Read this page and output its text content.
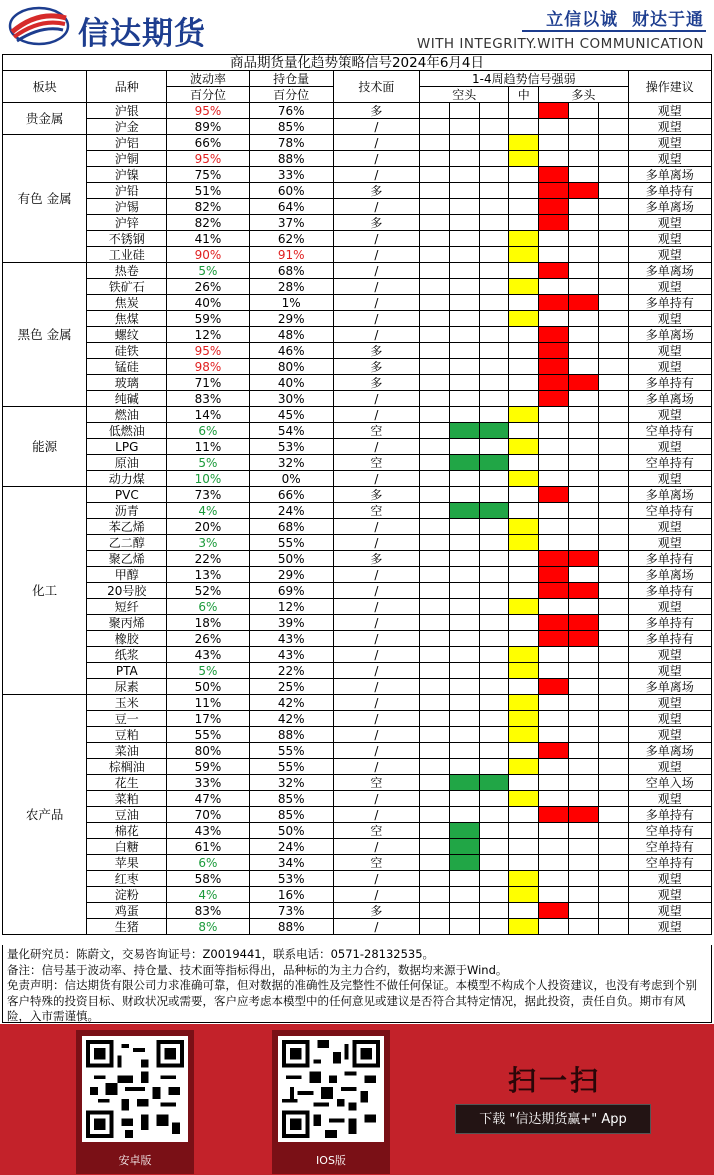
信达期货	立信以诚  财达于通
WITH INTEGRITY.WITH COMMUNICATION
商品期货量化趋势策略信号2024年6月4日												
板块	品种	波动率	持仓量	技术面	1-4周趋势信号强弱							操作建议
		百分位	百分位		空头			中	多头			
贵金属	沪银	95%	76%	多								观望
	沪金	89%	85%	/								观望
有色 金属	沪铝	66%	78%	/								观望
	沪铜	95%	88%	/								观望
	沪镍	75%	33%	/								多单离场
	沪铅	51%	60%	多								多单持有
	沪锡	82%	64%	/								多单离场
	沪锌	82%	37%	多								观望
	不锈钢	41%	62%	/								观望
	工业硅	90%	91%	/								观望
黑色 金属	热卷	5%	68%	/								多单离场
	铁矿石	26%	28%	/								观望
	焦炭	40%	1%	/								多单持有
	焦煤	59%	29%	/								观望
	螺纹	12%	48%	/								多单离场
	硅铁	95%	46%	多								观望
	锰硅	98%	80%	多								观望
	玻璃	71%	40%	多								多单持有
	纯碱	83%	30%	/								多单离场
能源	燃油	14%	45%	/								观望
	低燃油	6%	54%	空								空单持有
	LPG	11%	53%	/								观望
	原油	5%	32%	空								空单持有
	动力煤	10%	0%	/								观望
化工	PVC	73%	66%	多								多单离场
	沥青	4%	24%	空								空单持有
	苯乙烯	20%	68%	/								观望
	乙二醇	3%	55%	/								观望
	聚乙烯	22%	50%	多								多单持有
	甲醇	13%	29%	/								多单离场
	20号胶	52%	69%	/								多单持有
	短纤	6%	12%	/								观望
	聚丙烯	18%	39%	/								多单持有
	橡胶	26%	43%	/								多单持有
	纸浆	43%	43%	/								观望
	PTA	5%	22%	/								观望
	尿素	50%	25%	/								多单离场
农产品	玉米	11%	42%	/								观望
	豆一	17%	42%	/								观望
	豆粕	55%	88%	/								观望
	菜油	80%	55%	/								多单离场
	棕榈油	59%	55%	/								观望
	花生	33%	32%	空								空单入场
	菜粕	47%	85%	/								观望
	豆油	70%	85%	/								多单持有
	棉花	43%	50%	空								空单持有
	白糖	61%	24%	/								空单持有
	苹果	6%	34%	空								空单持有
	红枣	58%	53%	/								观望
	淀粉	4%	16%	/								观望
	鸡蛋	83%	73%	多								观望
	生猪	8%	88%	/								观望
量化研究员：陈蔚文，交易咨询证号：Z0019441，联系电话：0571-28132535。
备注：信号基于波动率、持仓量、技术面等指标得出，品种标的为主力合约，数据均来源于Wind。
免责声明：信达期货有限公司力求准确可靠，但对数据的准确性及完整性不做任何保证。本模型不构成个人投资建议，也没有考虑到个别客户特殊的投资目标、财政状况或需要，客户应考虑本模型中的任何意见或建议是否符合其特定情况，据此投资，责任自负。期市有风险，入市需谨慎。
安卓版	IOS版
扫一扫
下载 "信达期货赢+" App
